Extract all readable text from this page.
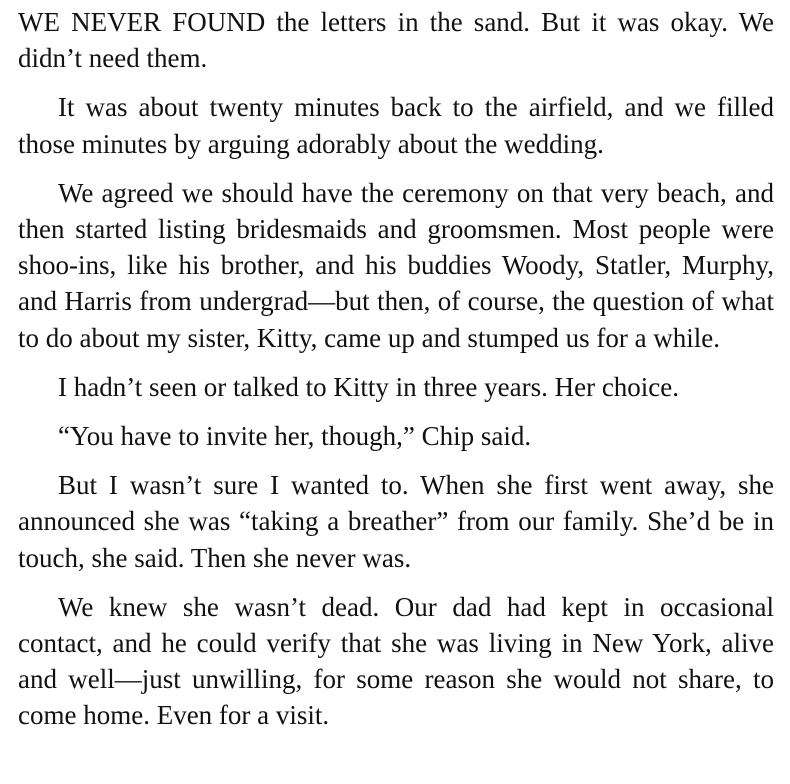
WE NEVER FOUND the letters in the sand. But it was okay. We didn’t need them.

It was about twenty minutes back to the airfield, and we filled those minutes by arguing adorably about the wedding.

We agreed we should have the ceremony on that very beach, and then started listing bridesmaids and groomsmen. Most people were shoo-ins, like his brother, and his buddies Woody, Statler, Murphy, and Harris from undergrad—but then, of course, the question of what to do about my sister, Kitty, came up and stumped us for a while.

I hadn’t seen or talked to Kitty in three years. Her choice.

“You have to invite her, though,” Chip said.

But I wasn’t sure I wanted to. When she first went away, she announced she was “taking a breather” from our family. She’d be in touch, she said. Then she never was.

We knew she wasn’t dead. Our dad had kept in occasional contact, and he could verify that she was living in New York, alive and well—just unwilling, for some reason she would not share, to come home. Even for a visit.
